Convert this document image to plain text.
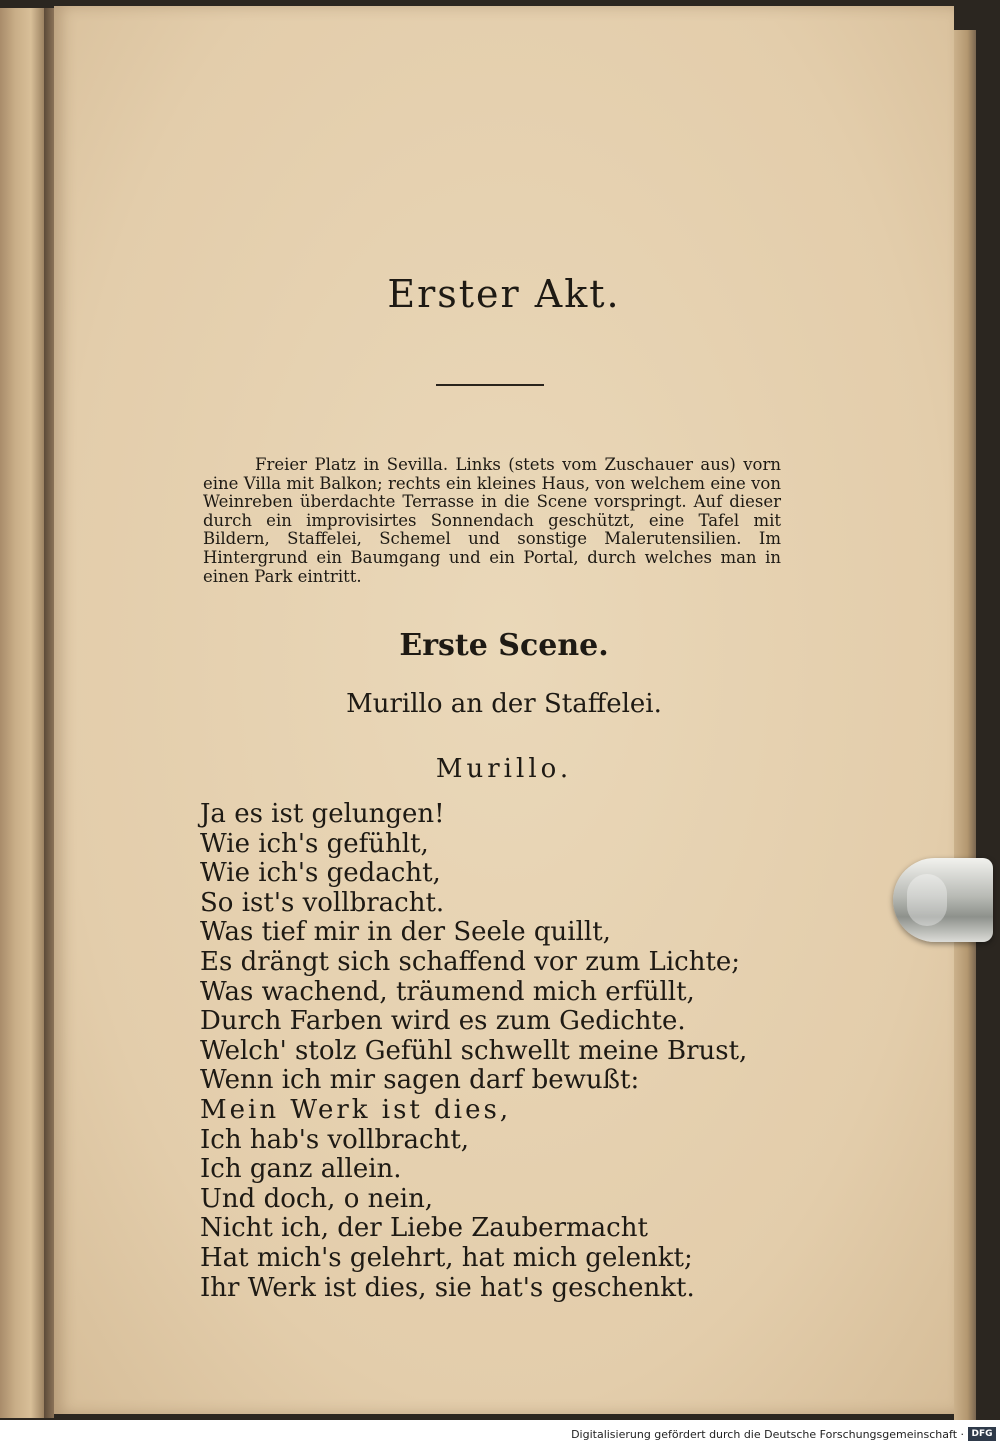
Erster Akt.
Freier Platz in Sevilla. Links (stets vom Zuschauer aus) vorn eine Villa mit Balkon; rechts ein kleines Haus, von welchem eine von Weinreben überdachte Terrasse in die Scene vorspringt. Auf dieser durch ein improvisirtes Sonnendach geschützt, eine Tafel mit Bildern, Staffelei, Schemel und sonstige Malerutensilien. Im Hintergrund ein Baumgang und ein Portal, durch welches man in einen Park eintritt.
Erste Scene.
Murillo an der Staffelei.
Murillo.
Ja es ist gelungen!
Wie ich's gefühlt,
Wie ich's gedacht,
So ist's vollbracht.
Was tief mir in der Seele quillt,
Es drängt sich schaffend vor zum Lichte;
Was wachend, träumend mich erfüllt,
Durch Farben wird es zum Gedichte.
Welch' stolz Gefühl schwellt meine Brust,
Wenn ich mir sagen darf bewußt:
Mein Werk ist dies,
Ich hab's vollbracht,
Ich ganz allein.
Und doch, o nein,
Nicht ich, der Liebe Zaubermacht
Hat mich's gelehrt, hat mich gelenkt;
Ihr Werk ist dies, sie hat's geschenkt.
Digitalisierung gefördert durch die Deutsche Forschungsgemeinschaft · DFG
